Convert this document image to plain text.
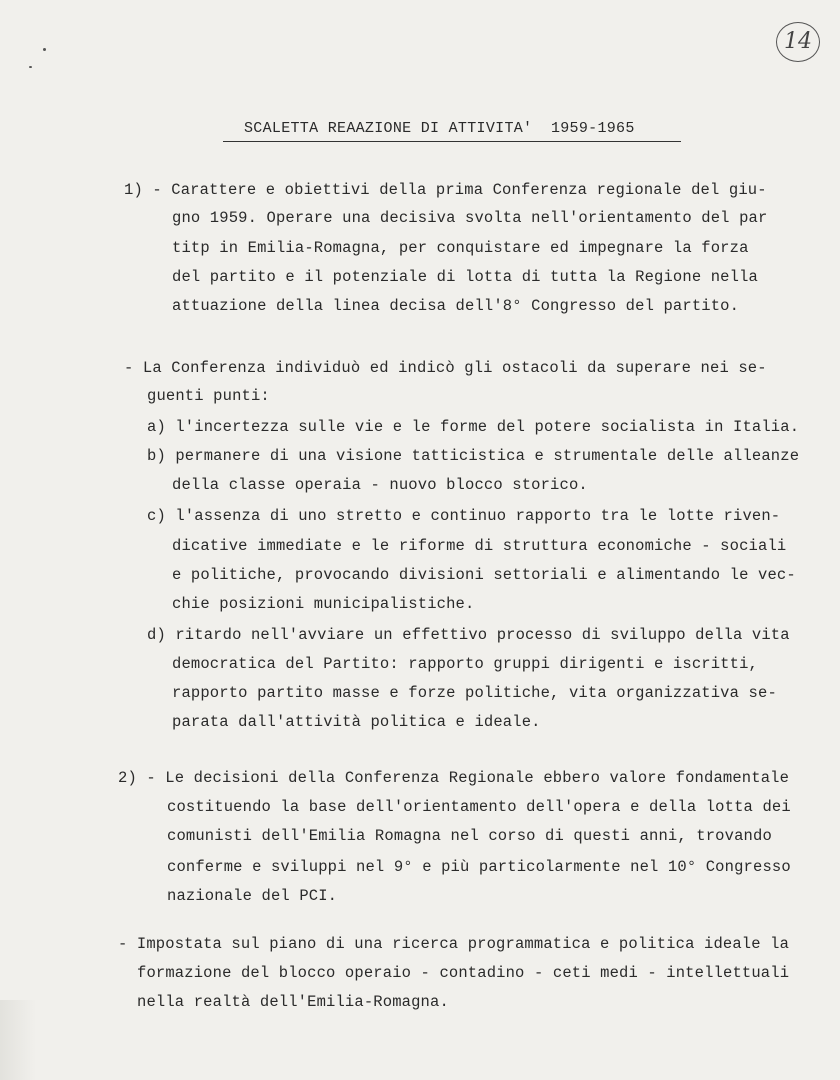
14
SCALETTA REAAZIONE DI ATTIVITA'  1959-1965
1) - Carattere e obiettivi della prima Conferenza regionale del giu-
gno 1959. Operare una decisiva svolta nell'orientamento del par
titp in Emilia-Romagna, per conquistare ed impegnare la forza
del partito e il potenziale di lotta di tutta la Regione nella
attuazione della linea decisa dell'8° Congresso del partito.
- La Conferenza individuò ed indicò gli ostacoli da superare nei se-
guenti punti:
a) l'incertezza sulle vie e le forme del potere socialista in Italia.
b) permanere di una visione tatticistica e strumentale delle alleanze
della classe operaia - nuovo blocco storico.
c) l'assenza di uno stretto e continuo rapporto tra le lotte riven-
dicative immediate e le riforme di struttura economiche - sociali
e politiche, provocando divisioni settoriali e alimentando le vec-
chie posizioni municipalistiche.
d) ritardo nell'avviare un effettivo processo di sviluppo della vita
democratica del Partito: rapporto gruppi dirigenti e iscritti,
rapporto partito masse e forze politiche, vita organizzativa se-
parata dall'attività politica e ideale.
2) - Le decisioni della Conferenza Regionale ebbero valore fondamentale
costituendo la base dell'orientamento dell'opera e della lotta dei
comunisti dell'Emilia Romagna nel corso di questi anni, trovando
conferme e sviluppi nel 9° e più particolarmente nel 10° Congresso
nazionale del PCI.
- Impostata sul piano di una ricerca programmatica e politica ideale la
formazione del blocco operaio - contadino - ceti medi - intellettuali
nella realtà dell'Emilia-Romagna.
